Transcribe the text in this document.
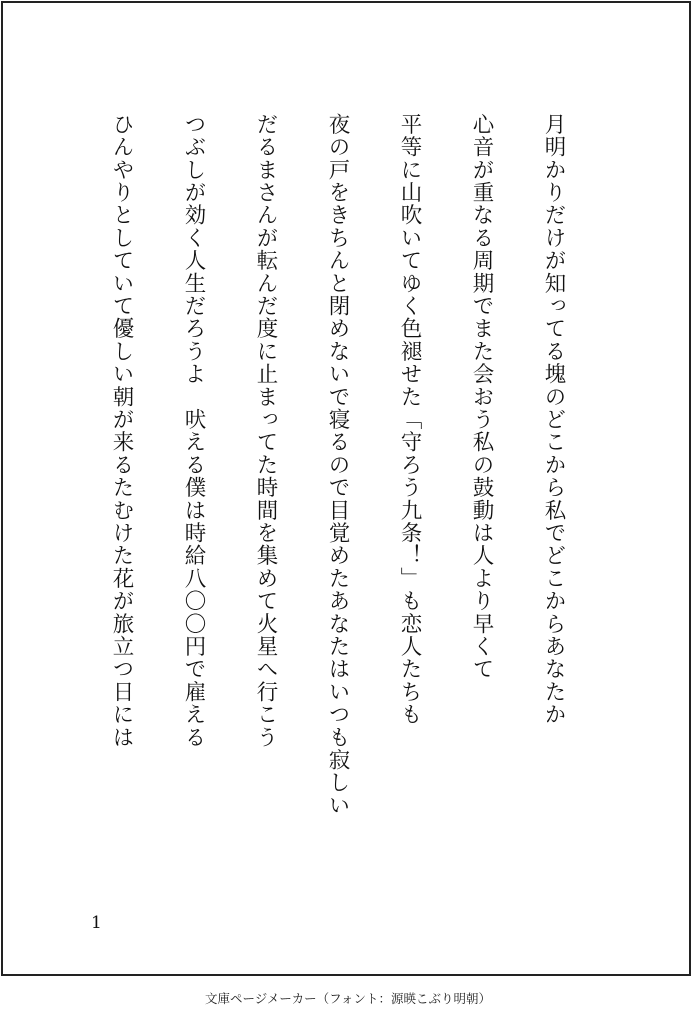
月明かりだけが知ってる塊のどこから私でどこからあなたか

心音が重なる周期でまた会おう私の鼓動は人より早くて

平等に山吹いてゆく色褪せた「守ろう九条！」も恋人たちも

夜の戸をきちんと閉めないで寝るので目覚めたあなたはいつも寂しい

だるまさんが転んだ度に止まってた時間を集めて火星へ行こう

つぶしが効く人生だろうよ　吠える僕は時給八〇〇円で雇える

ひんやりとしていて優しい朝が来るたむけた花が旅立つ日には

1
文庫ページメーカー（フォント：源暎こぶり明朝）
